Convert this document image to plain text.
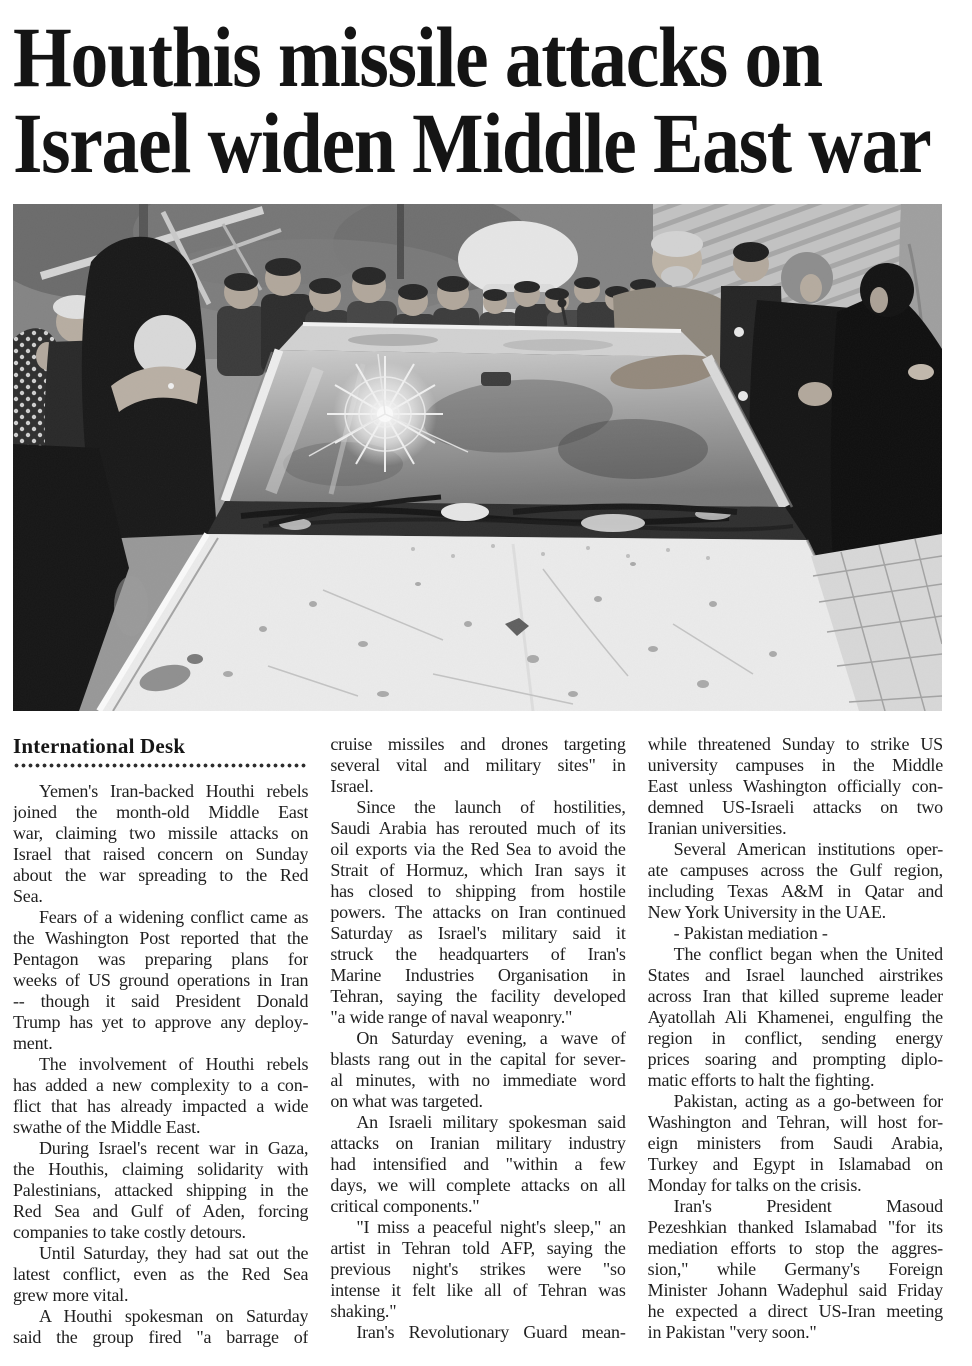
Houthis missile attacks on
Israel widen Middle East war
International Desk

Yemen's Iran-backed Houthi rebels
joined the month-old Middle East
war, claiming two missile attacks on
Israel that raised concern on Sunday
about the war spreading to the Red
Sea.

Fears of a widening conflict came as
the Washington Post reported that the
Pentagon was preparing plans for
weeks of US ground operations in Iran
-- though it said President Donald
Trump has yet to approve any deploy-
ment.

The involvement of Houthi rebels
has added a new complexity to a con-
flict that has already impacted a wide
swathe of the Middle East.

During Israel's recent war in Gaza,
the Houthis, claiming solidarity with
Palestinians, attacked shipping in the
Red Sea and Gulf of Aden, forcing
companies to take costly detours.

Until Saturday, they had sat out the
latest conflict, even as the Red Sea
grew more vital.

A Houthi spokesman on Saturday
said the group fired "a barrage of

cruise missiles and drones targeting
several vital and military sites" in
Israel.

Since the launch of hostilities,
Saudi Arabia has rerouted much of its
oil exports via the Red Sea to avoid the
Strait of Hormuz, which Iran says it
has closed to shipping from hostile
powers. The attacks on Iran continued
Saturday as Israel's military said it
struck the headquarters of Iran's
Marine Industries Organisation in
Tehran, saying the facility developed
"a wide range of naval weaponry."

On Saturday evening, a wave of
blasts rang out in the capital for sever-
al minutes, with no immediate word
on what was targeted.

An Israeli military spokesman said
attacks on Iranian military industry
had intensified and "within a few
days, we will complete attacks on all
critical components."

"I miss a peaceful night's sleep," an
artist in Tehran told AFP, saying the
previous night's strikes were "so
intense it felt like all of Tehran was
shaking."

Iran's Revolutionary Guard mean-

while threatened Sunday to strike US
university campuses in the Middle
East unless Washington officially con-
demned US-Israeli attacks on two
Iranian universities.

Several American institutions oper-
ate campuses across the Gulf region,
including Texas A&M in Qatar and
New York University in the UAE.

- Pakistan mediation -

The conflict began when the United
States and Israel launched airstrikes
across Iran that killed supreme leader
Ayatollah Ali Khamenei, engulfing the
region in conflict, sending energy
prices soaring and prompting diplo-
matic efforts to halt the fighting.

Pakistan, acting as a go-between for
Washington and Tehran, will host for-
eign ministers from Saudi Arabia,
Turkey and Egypt in Islamabad on
Monday for talks on the crisis.

Iran's President Masoud
Pezeshkian thanked Islamabad "for its
mediation efforts to stop the aggres-
sion," while Germany's Foreign
Minister Johann Wadephul said Friday
he expected a direct US-Iran meeting
in Pakistan "very soon."
